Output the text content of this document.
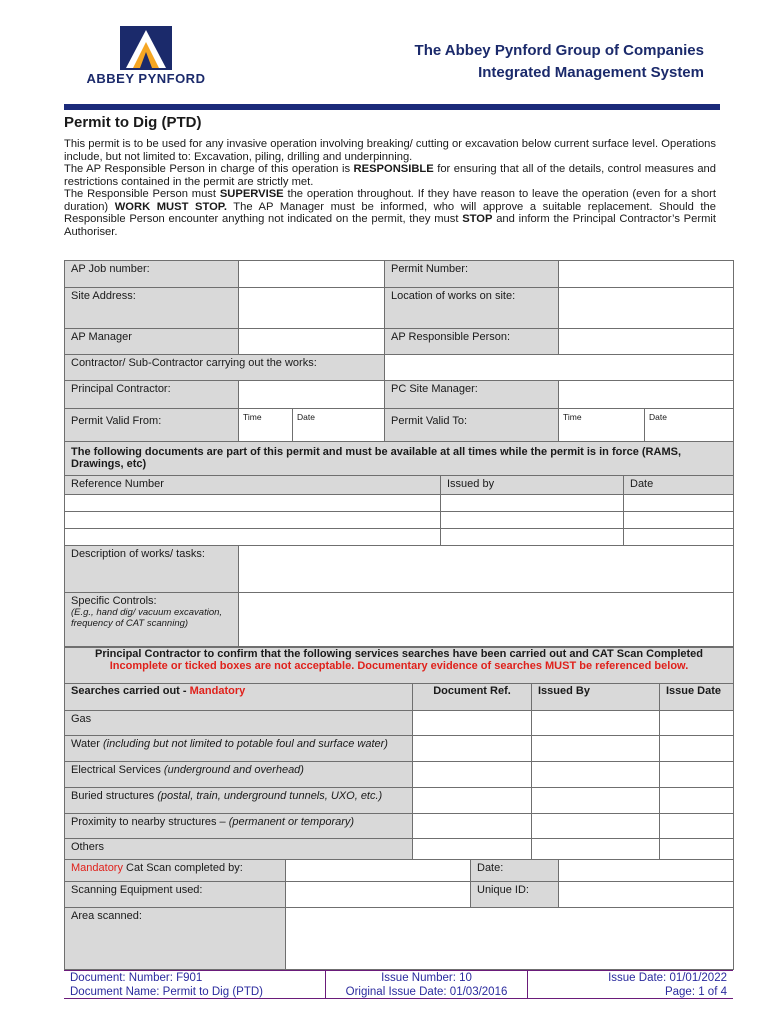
ABBEY PYNFORD
The Abbey Pynford Group of Companies
Integrated Management System
Permit to Dig (PTD)

This permit is to be used for any invasive operation involving breaking/ cutting or excavation below current surface level. Operations include, but not limited to: Excavation, piling, drilling and underpinning.

The AP Responsible Person in charge of this operation is RESPONSIBLE for ensuring that all of the details, control measures and restrictions contained in the permit are strictly met.

The Responsible Person must SUPERVISE the operation throughout. If they have reason to leave the operation (even for a short duration) WORK MUST STOP. The AP Manager must be informed, who will approve a suitable replacement. Should the Responsible Person encounter anything not indicated on the permit, they must STOP and inform the Principal Contractor’s Permit Authoriser.

AP Job number:			Permit Number:		
Site Address:			Location of works on site:		
AP Manager			AP Responsible Person:		
Contractor/ Sub-Contractor carrying out the works:					
Principal Contractor:			PC Site Manager:		
Permit Valid From:	Time	Date	Permit Valid To:	Time	Date
The following documents are part of this permit and must be available at all times while the permit is in force (RAMS, Drawings, etc)			
Reference Number		Issued by	Date

Description of works/ tasks:			

Specific Controls:
(E.g., hand dig/ vacuum excavation, frequency of CAT scanning)			

Principal Contractor to confirm that the following services searches have been carried out and CAT Scan Completed
Incomplete or ticked boxes are not acceptable. Documentary evidence of searches MUST be referenced below.			

Searches carried out - Mandatory	Document Ref.	Issued By	Issue Date
Gas			
Water (including but not limited to potable foul and surface water)			
Electrical Services (underground and overhead)			
Buried structures (postal, train, underground tunnels, UXO, etc.)			
Proximity to nearby structures – (permanent or temporary)			
Others			
Mandatory Cat Scan completed by:		Date:	
Scanning Equipment used:		Unique ID:	
Area scanned:			
Document: Number: F901	Issue Number: 10	Issue Date: 01/01/2022
Document Name: Permit to Dig (PTD)	Original Issue Date: 01/03/2016	Page: 1 of 4
